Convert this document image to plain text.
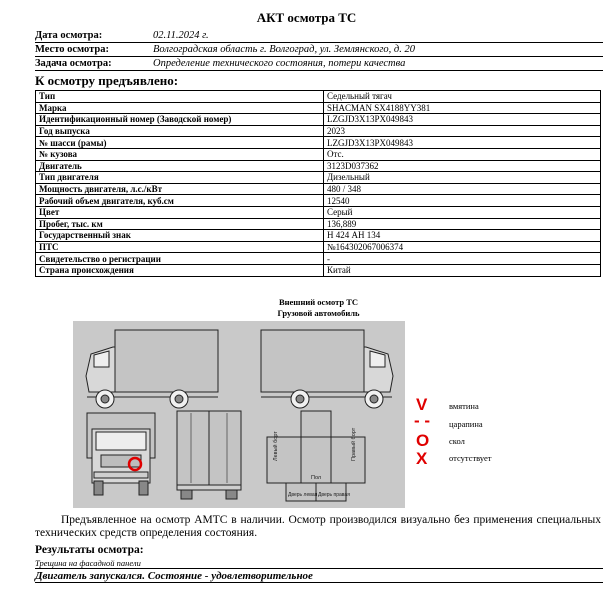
АКТ осмотра ТС
Дата осмотра:	02.11.2024 г.
Место осмотра:	Волгоградская область г. Волгоград, ул. Землянского, д. 20
Задача осмотра:	Определение технического состояния, потери качества
К осмотру предъявлено:
Тип	Седельный тягач
Марка	SHACMAN SX4188YY381
Идентификационный номер (Заводской номер)	LZGJD3X13PX049843
Год выпуска	2023
№ шасси (рамы)	LZGJD3X13PX049843
№ кузова	Отс.
Двигатель	3123D037362
Тип двигателя	Дизельный
Мощность двигателя, л.с./кВт	480 / 348
Рабочий объем двигателя, куб.см	12540
Цвет	Серый
Пробег, тыс. км	136,889
Государственный знак	Н 424 АН 134
ПТС	№164302067006374
Свидетельство о регистрации	-
Страна происхождения	Китай
Внешний осмотр ТС
Грузовой автомобиль
Левый борт	Правый борт
Пол
Дверь левая Дверь правая
V	вмятина
- - царапина
O скол
X	отсутствует
Предъявленное на осмотр АМТС в наличии. Осмотр производился визуально без применения специальных технических средств определения состояния.
Результаты осмотра:
Трещина на фасадной панели
Двигатель запускался. Состояние - удовлетворительное
